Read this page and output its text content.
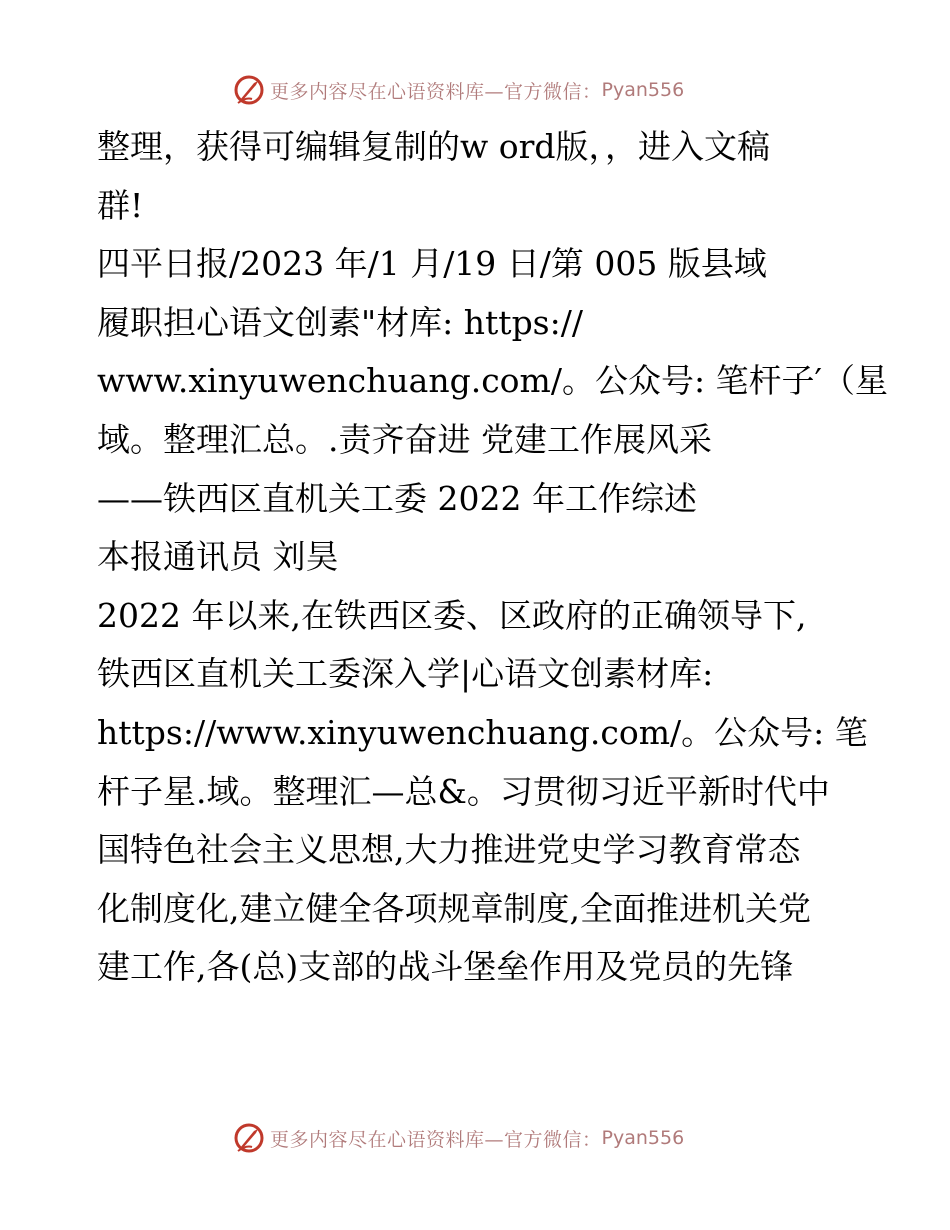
更多内容尽在心语资料库—官方微信： Pyan556
整理，获得可编辑复制的w ord版，，进入文稿
群!
四平日报/2023 年/1 月/19 日/第 005 版县域
履职担心语文创素"材库: https://
www.xinyuwenchuang.com/。公众号: 笔杆子′（星
域。整理汇总。.责齐奋进 党建工作展风采
——铁西区直机关工委 2022 年工作综述
本报通讯员 刘昊
2022 年以来,在铁西区委、区政府的正确领导下,
铁西区直机关工委深入学|心语文创素材库:
https://www.xinyuwenchuang.com/。公众号: 笔
杆子星.域。整理汇—总&。习贯彻习近平新时代中
国特色社会主义思想,大力推进党史学习教育常态
化制度化,建立健全各项规章制度,全面推进机关党
建工作,各(总)支部的战斗堡垒作用及党员的先锋
更多内容尽在心语资料库—官方微信： Pyan556
